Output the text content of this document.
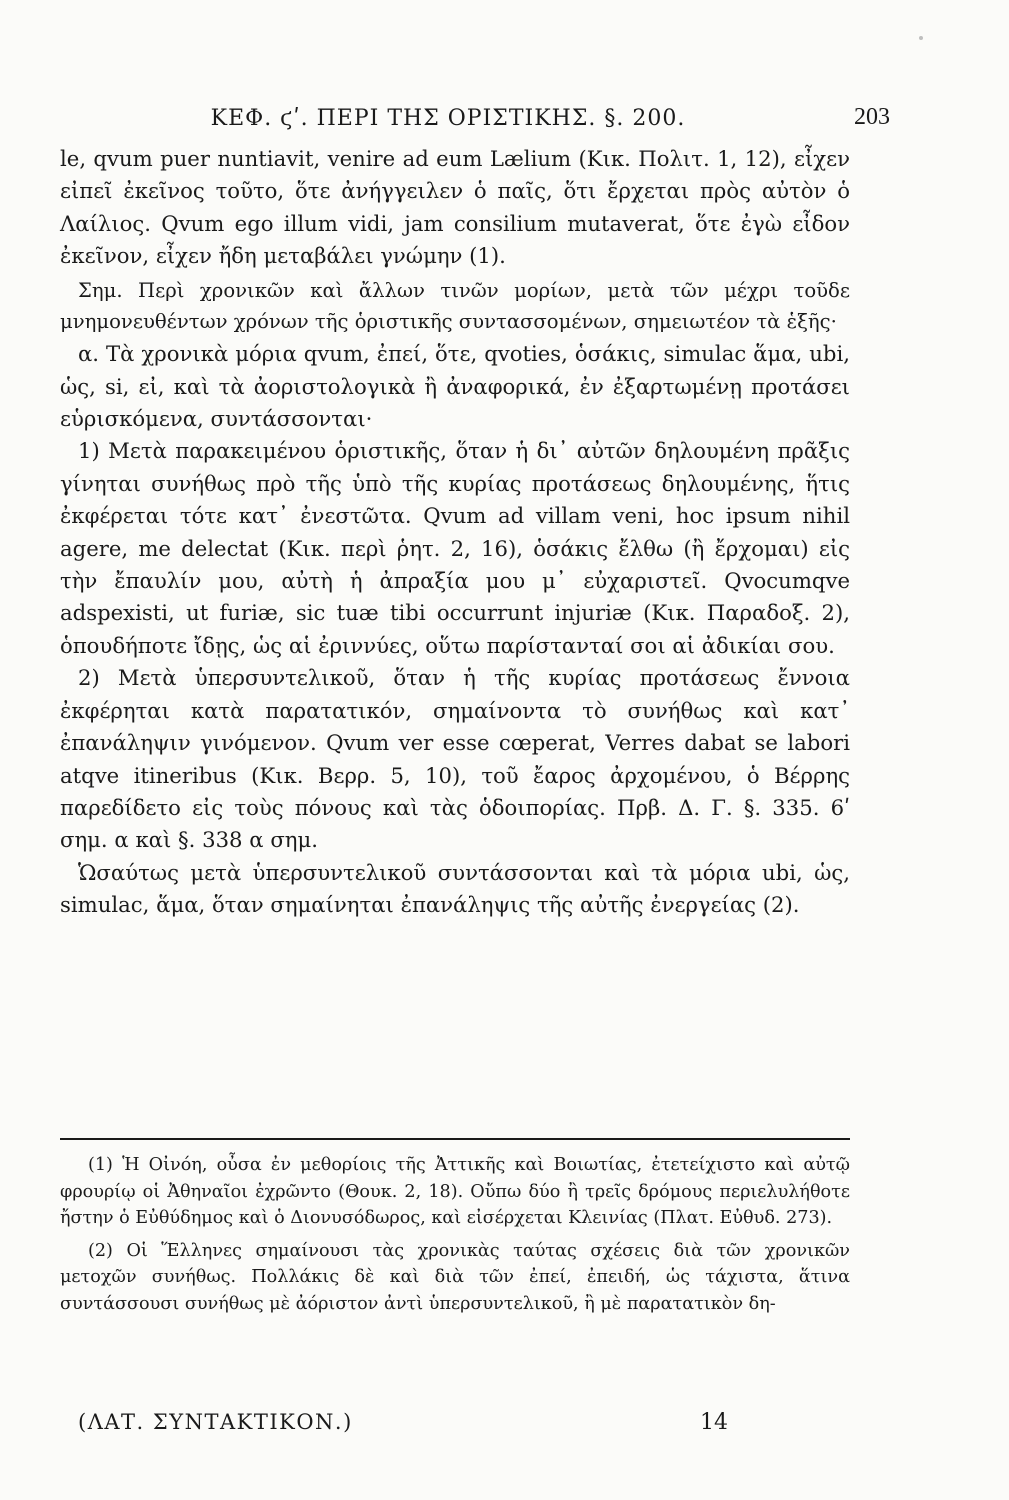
ΚΕΦ. ϛʹ. ΠΕΡΙ ΤΗΣ ΟΡΙΣΤΙΚΗΣ. §. 200.	203

le, qvum puer nuntiavit, venire ad eum Lælium (Κικ. Πολιτ. 1, 12), εἶχεν εἰπεῖ ἐκεῖνος τοῦτο, ὅτε ἀνήγγειλεν ὁ παῖς, ὅτι ἔρχεται πρὸς αὐτὸν ὁ Λαίλιος. Qvum ego illum vidi, jam consilium mutaverat, ὅτε ἐγὼ εἶδον ἐκεῖνον, εἶχεν ἤδη μεταβάλει γνώμην (1).

Σημ. Περὶ χρονικῶν καὶ ἄλλων τινῶν μορίων, μετὰ τῶν μέχρι τοῦδε μνημονευθέντων χρόνων τῆς ὁριστικῆς συντασσομένων, σημειωτέον τὰ ἑξῆς·

α. Τὰ χρονικὰ μόρια qvum, ἐπεί, ὅτε, qvoties, ὁσάκις, simulac ἅμα, ubi, ὡς, si, εἰ, καὶ τὰ ἀοριστολογικὰ ἢ ἀναφορικά, ἐν ἐξαρτωμένῃ προτάσει εὑρισκόμενα, συντάσσονται·

1) Μετὰ παρακειμένου ὁριστικῆς, ὅταν ἡ δι᾽ αὐτῶν δηλουμένη πρᾶξις γίνηται συνήθως πρὸ τῆς ὑπὸ τῆς κυρίας προτάσεως δηλουμένης, ἥτις ἐκφέρεται τότε κατ᾽ ἐνεστῶτα. Qvum ad villam veni, hoc ipsum nihil agere, me delectat (Κικ. περὶ ῥητ. 2, 16), ὁσάκις ἔλθω (ἢ ἔρχομαι) εἰς τὴν ἔπαυλίν μου, αὐτὴ ἡ ἀπραξία μου μ᾽ εὐχαριστεῖ. Qvocumqve adspexisti, ut furiæ, sic tuæ tibi occurrunt injuriæ (Κικ. Παραδοξ. 2), ὁπουδήποτε ἴδῃς, ὡς αἱ ἐριννύες, οὕτω παρίστανταί σοι αἱ ἀδικίαι σου.

2) Μετὰ ὑπερσυντελικοῦ, ὅταν ἡ τῆς κυρίας προτάσεως ἔννοια ἐκφέρηται κατὰ παρατατικόν, σημαίνοντα τὸ συνήθως καὶ κατ᾽ ἐπανάληψιν γινόμενον. Qvum ver esse cœperat, Verres dabat se labori atqve itineribus (Κικ. Βερρ. 5, 10), τοῦ ἔαρος ἀρχομένου, ὁ Βέρρης παρεδίδετο εἰς τοὺς πόνους καὶ τὰς ὁδοιπορίας. Πρβ. Δ. Γ. §. 335. 6ʹ σημ. α καὶ §. 338 α σημ.

Ὡσαύτως μετὰ ὑπερσυντελικοῦ συντάσσονται καὶ τὰ μόρια ubi, ὡς, simulac, ἅμα, ὅταν σημαίνηται ἐπανάληψις τῆς αὐτῆς ἐνεργείας (2).

(1) Ἡ Οἰνόη, οὖσα ἐν μεθορίοις τῆς Ἀττικῆς καὶ Βοιωτίας, ἐτετείχιστο καὶ αὐτῷ φρουρίῳ οἱ Ἀθηναῖοι ἐχρῶντο (Θουκ. 2, 18). Οὔπω δύο ἢ τρεῖς δρόμους περιελυλήθοτε ἤστην ὁ Εὐθύδημος καὶ ὁ Διονυσόδωρος, καὶ εἰσέρχεται Κλεινίας (Πλατ. Εὐθυδ. 273).

(2) Οἱ Ἕλληνες σημαίνουσι τὰς χρονικὰς ταύτας σχέσεις διὰ τῶν χρονικῶν μετοχῶν συνήθως. Πολλάκις δὲ καὶ διὰ τῶν ἐπεί, ἐπειδή, ὡς τάχιστα, ἅτινα συντάσσουσι συνήθως μὲ ἀόριστον ἀντὶ ὑπερσυντελικοῦ, ἢ μὲ παρατατικὸν δη-

(ΛΑΤ. ΣΥΝΤΑΚΤΙΚΟΝ.)	14
